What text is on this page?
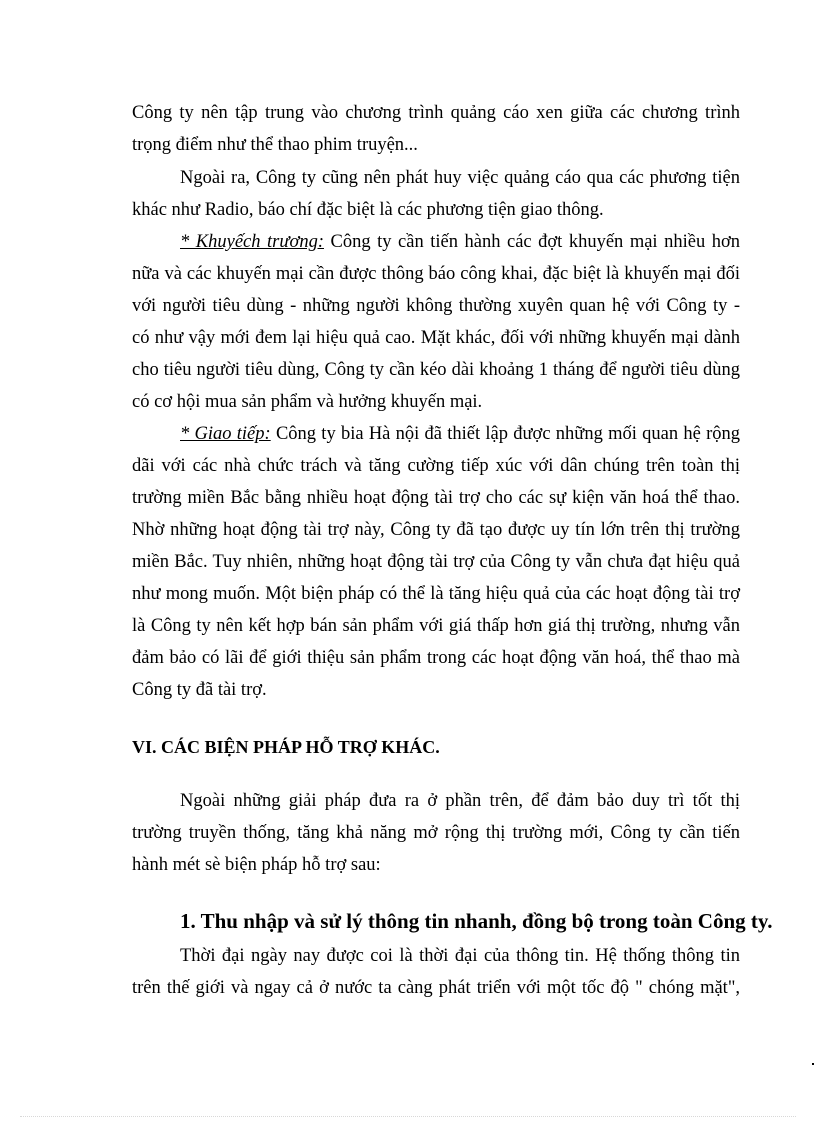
Công ty nên tập trung vào chương trình quảng cáo xen giữa các chương trình
trọng điểm như thể thao phim truyện...
Ngoài ra, Công ty cũng nên phát huy việc quảng cáo qua các phương tiện
khác như Radio, báo chí đặc biệt là các phương tiện giao thông.
* Khuyếch trương: Công ty cần tiến hành các đợt khuyến mại nhiều hơn
nữa và các khuyến mại cần được thông báo công khai, đặc biệt là khuyến mại đối
với người tiêu dùng - những người không thường xuyên quan hệ với Công ty -
có như vậy mới đem lại hiệu quả cao. Mặt khác, đối với những khuyến mại dành
cho tiêu người tiêu dùng, Công ty cần kéo dài khoảng 1 tháng để người tiêu dùng
có cơ hội mua sản phẩm và hưởng khuyến mại.
* Giao tiếp: Công ty bia Hà nội đã thiết lập được những mối quan hệ rộng
dãi với các nhà chức trách và tăng cường tiếp xúc với dân chúng trên toàn thị
trường miền Bắc bằng nhiều hoạt động tài trợ cho các sự kiện văn hoá thể thao.
Nhờ những hoạt động tài trợ này, Công ty đã tạo được uy tín lớn trên thị trường
miền Bắc. Tuy nhiên, những hoạt động tài trợ của Công ty vẫn chưa đạt hiệu quả
như mong muốn. Một biện pháp có thể là tăng hiệu quả của các hoạt động tài trợ
là Công ty nên kết hợp bán sản phẩm với giá thấp hơn giá thị trường, nhưng vẫn
đảm bảo có lãi để giới thiệu sản phẩm trong các hoạt động văn hoá, thể thao mà
Công ty đã tài trợ.
VI. CÁC BIỆN PHÁP HỖ TRỢ KHÁC.
Ngoài những giải pháp đưa ra ở phần trên, để đảm bảo duy trì tốt thị
trường truyền thống, tăng khả năng mở rộng thị trường mới, Công ty cần tiến
hành mét sè biện pháp hỗ trợ sau:
1. Thu nhập và sử lý thông tin nhanh, đồng bộ trong toàn Công ty.
Thời đại ngày nay được coi là thời đại của thông tin. Hệ thống thông tin
trên thế giới và ngay cả ở nước ta càng phát triển với một tốc độ " chóng mặt",
